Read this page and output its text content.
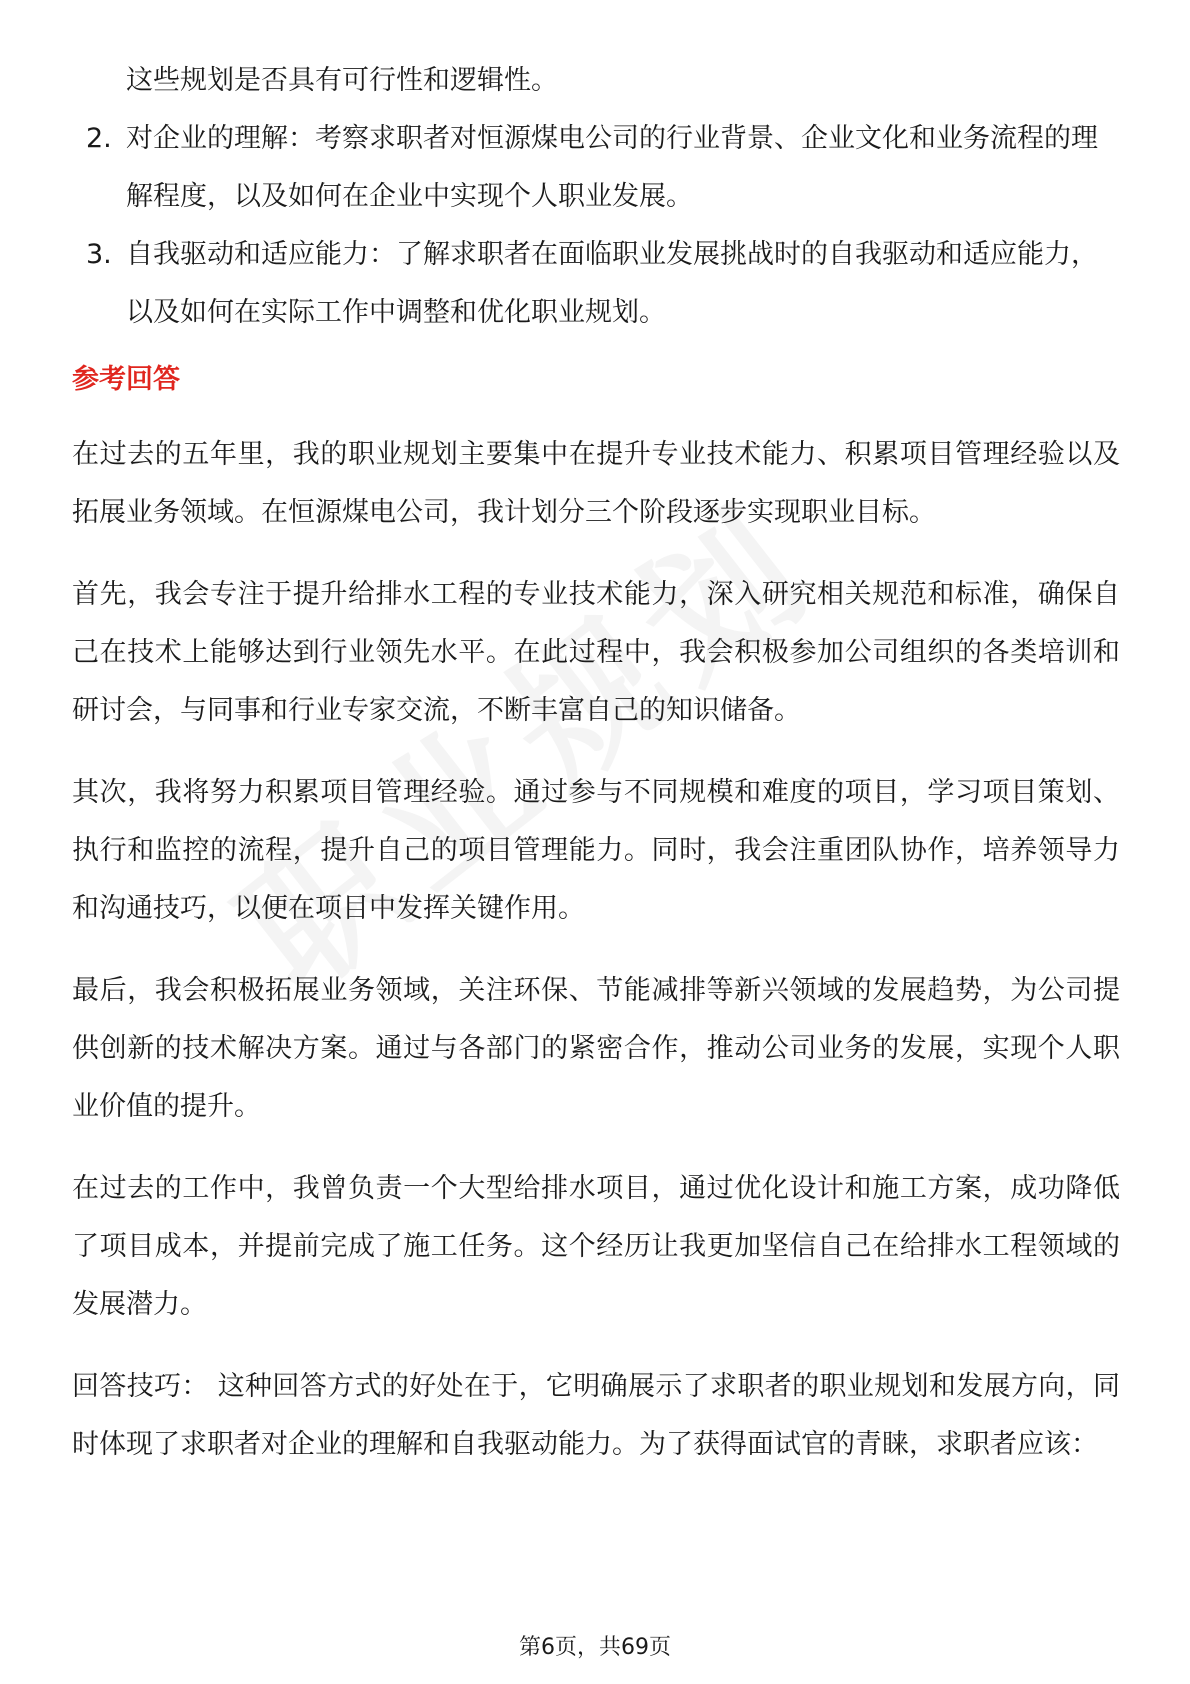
这些规划是否具有可行性和逻辑性。
2. 对企业的理解：考察求职者对恒源煤电公司的行业背景、企业文化和业务流程的理解程度，以及如何在企业中实现个人职业发展。
3. 自我驱动和适应能力：了解求职者在面临职业发展挑战时的自我驱动和适应能力，以及如何在实际工作中调整和优化职业规划。
参考回答

在过去的五年里，我的职业规划主要集中在提升专业技术能力、积累项目管理经验以及拓展业务领域。在恒源煤电公司，我计划分三个阶段逐步实现职业目标。

首先，我会专注于提升给排水工程的专业技术能力，深入研究相关规范和标准，确保自己在技术上能够达到行业领先水平。在此过程中，我会积极参加公司组织的各类培训和研讨会，与同事和行业专家交流，不断丰富自己的知识储备。

其次，我将努力积累项目管理经验。通过参与不同规模和难度的项目，学习项目策划、执行和监控的流程，提升自己的项目管理能力。同时，我会注重团队协作，培养领导力和沟通技巧，以便在项目中发挥关键作用。

最后，我会积极拓展业务领域，关注环保、节能减排等新兴领域的发展趋势，为公司提供创新的技术解决方案。通过与各部门的紧密合作，推动公司业务的发展，实现个人职业价值的提升。

在过去的工作中，我曾负责一个大型给排水项目，通过优化设计和施工方案，成功降低了项目成本，并提前完成了施工任务。这个经历让我更加坚信自己在给排水工程领域的发展潜力。

回答技巧： 这种回答方式的好处在于，它明确展示了求职者的职业规划和发展方向，同时体现了求职者对企业的理解和自我驱动能力。为了获得面试官的青睐，求职者应该：

第6页，共69页
